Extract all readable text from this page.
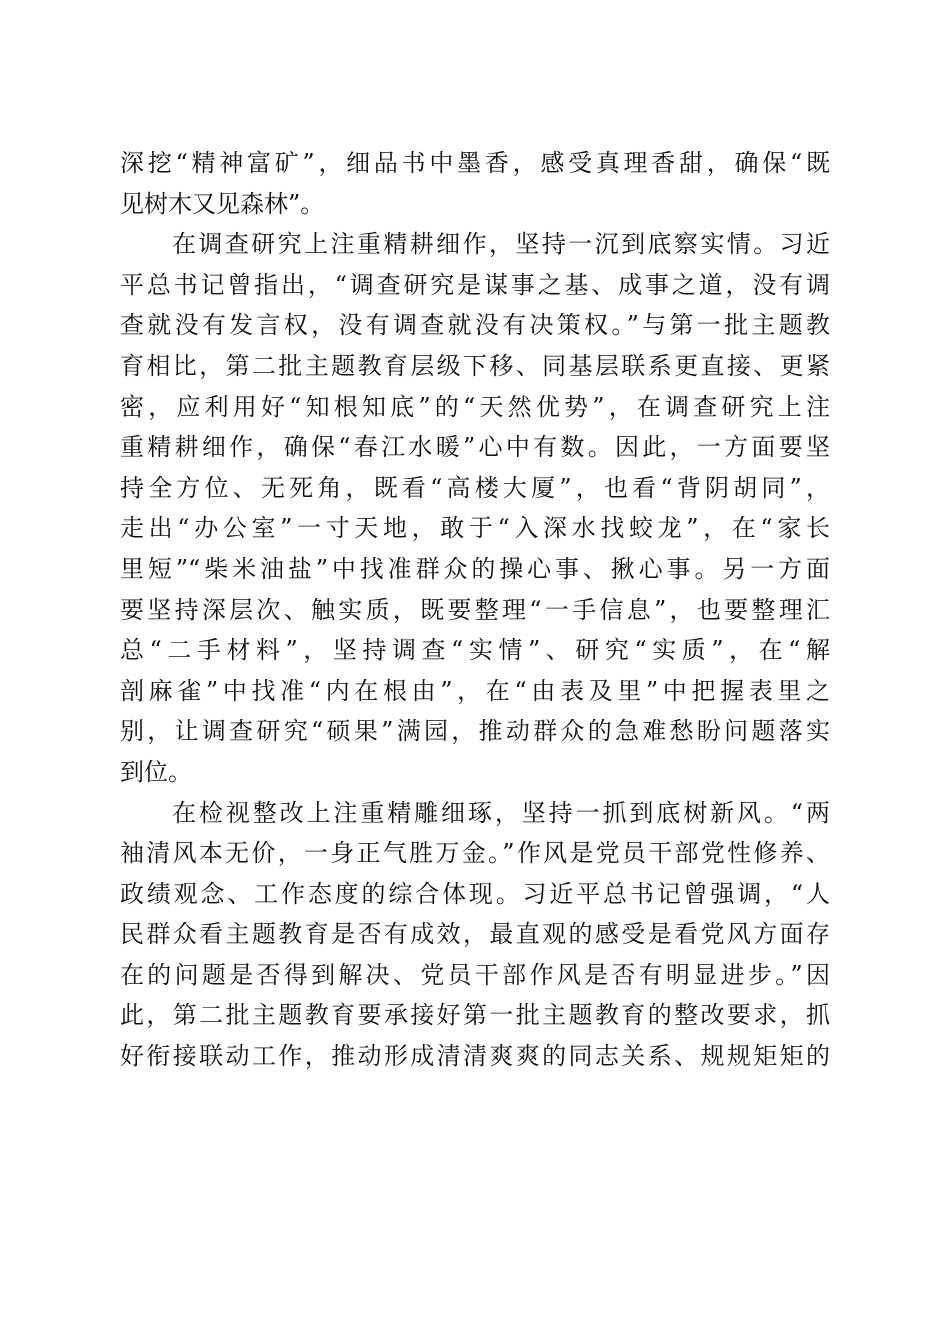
深挖“精神富矿”，细品书中墨香，感受真理香甜，确保“既
见树木又见森林”。
在调查研究上注重精耕细作，坚持一沉到底察实情。习近
平总书记曾指出，“调查研究是谋事之基、成事之道，没有调
查就没有发言权，没有调查就没有决策权。”与第一批主题教
育相比，第二批主题教育层级下移、同基层联系更直接、更紧
密，应利用好“知根知底”的“天然优势”，在调查研究上注
重精耕细作，确保“春江水暖”心中有数。因此，一方面要坚
持全方位、无死角，既看“高楼大厦”，也看“背阴胡同”，
走出“办公室”一寸天地，敢于“入深水找蛟龙”，在“家长
里短”“柴米油盐”中找准群众的操心事、揪心事。另一方面
要坚持深层次、触实质，既要整理“一手信息”，也要整理汇
总“二手材料”，坚持调查“实情”、研究“实质”，在“解
剖麻雀”中找准“内在根由”，在“由表及里”中把握表里之
别，让调查研究“硕果”满园，推动群众的急难愁盼问题落实
到位。
在检视整改上注重精雕细琢，坚持一抓到底树新风。“两
袖清风本无价，一身正气胜万金。”作风是党员干部党性修养、
政绩观念、工作态度的综合体现。习近平总书记曾强调，“人
民群众看主题教育是否有成效，最直观的感受是看党风方面存
在的问题是否得到解决、党员干部作风是否有明显进步。”因
此，第二批主题教育要承接好第一批主题教育的整改要求，抓
好衔接联动工作，推动形成清清爽爽的同志关系、规规矩矩的
